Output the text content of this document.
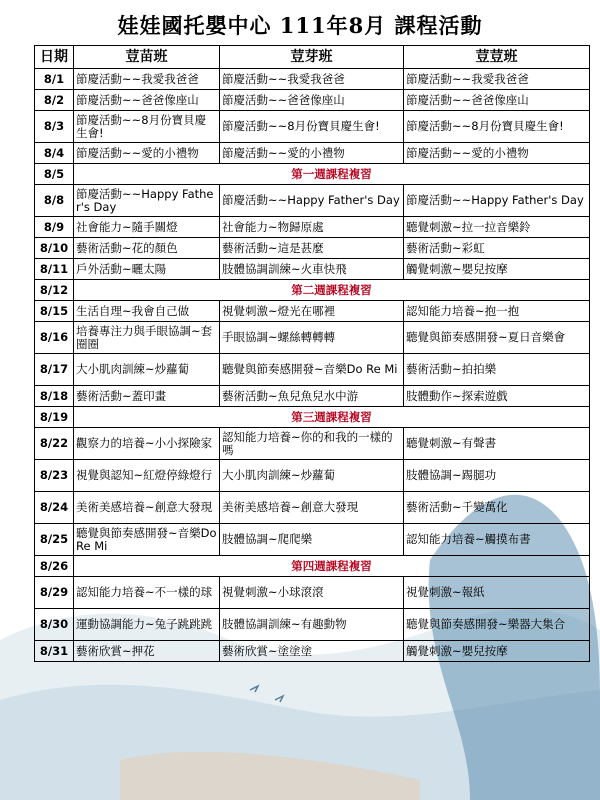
娃娃國托嬰中心 111年8月 課程活動
日期	荳苗班	荳芽班	荳荳班
8/1	節慶活動~~我愛我爸爸	節慶活動~~我愛我爸爸	節慶活動~~我愛我爸爸
8/2	節慶活動~~爸爸像座山	節慶活動~~爸爸像座山	節慶活動~~爸爸像座山
8/3	節慶活動~~8月份寶貝慶生會!	節慶活動~~8月份寶貝慶生會!	節慶活動~~8月份寶貝慶生會!
8/4	節慶活動~~愛的小禮物	節慶活動~~愛的小禮物	節慶活動~~愛的小禮物
8/5	第一週課程複習		
8/8	節慶活動~~Happy Father's Day	節慶活動~~Happy Father's Day	節慶活動~~Happy Father's Day
8/9	社會能力~隨手關燈	社會能力~物歸原處	聽覺刺激~拉一拉音樂鈴
8/10	藝術活動~花的顏色	藝術活動~這是甚麼	藝術活動~彩虹
8/11	戶外活動~曬太陽	肢體協調訓練~火車快飛	觸覺刺激~嬰兒按摩
8/12	第二週課程複習		
8/15	生活自理~我會自己做	視覺刺激~燈光在哪裡	認知能力培養~抱一抱
8/16	培養專注力與手眼協調~套圈圈	手眼協調~螺絲轉轉轉	聽覺與節奏感開發~夏日音樂會
8/17	大小肌肉訓練~炒蘿蔔	聽覺與節奏感開發~音樂Do Re Mi	藝術活動~拍拍樂
8/18	藝術活動~蓋印畫	藝術活動~魚兒魚兒水中游	肢體動作~探索遊戲
8/19	第三週課程複習		
8/22	觀察力的培養~小小探險家	認知能力培養~你的和我的一樣的嗎	聽覺刺激~有聲書
8/23	視覺與認知~紅燈停綠燈行	大小肌肉訓練~炒蘿蔔	肢體協調~踢腿功
8/24	美術美感培養~創意大發現	美術美感培養~創意大發現	藝術活動~千變萬化
8/25	聽覺與節奏感開發~音樂Do Re Mi	肢體協調~爬爬樂	認知能力培養~觸摸布書
8/26	第四週課程複習		
8/29	認知能力培養~不一樣的球	視覺刺激~小球滾滾	視覺刺激~報紙
8/30	運動協調能力~兔子跳跳跳	肢體協調訓練~有趣動物	聽覺與節奏感開發~樂器大集合
8/31	藝術欣賞~押花	藝術欣賞~塗塗塗	觸覺刺激~嬰兒按摩
